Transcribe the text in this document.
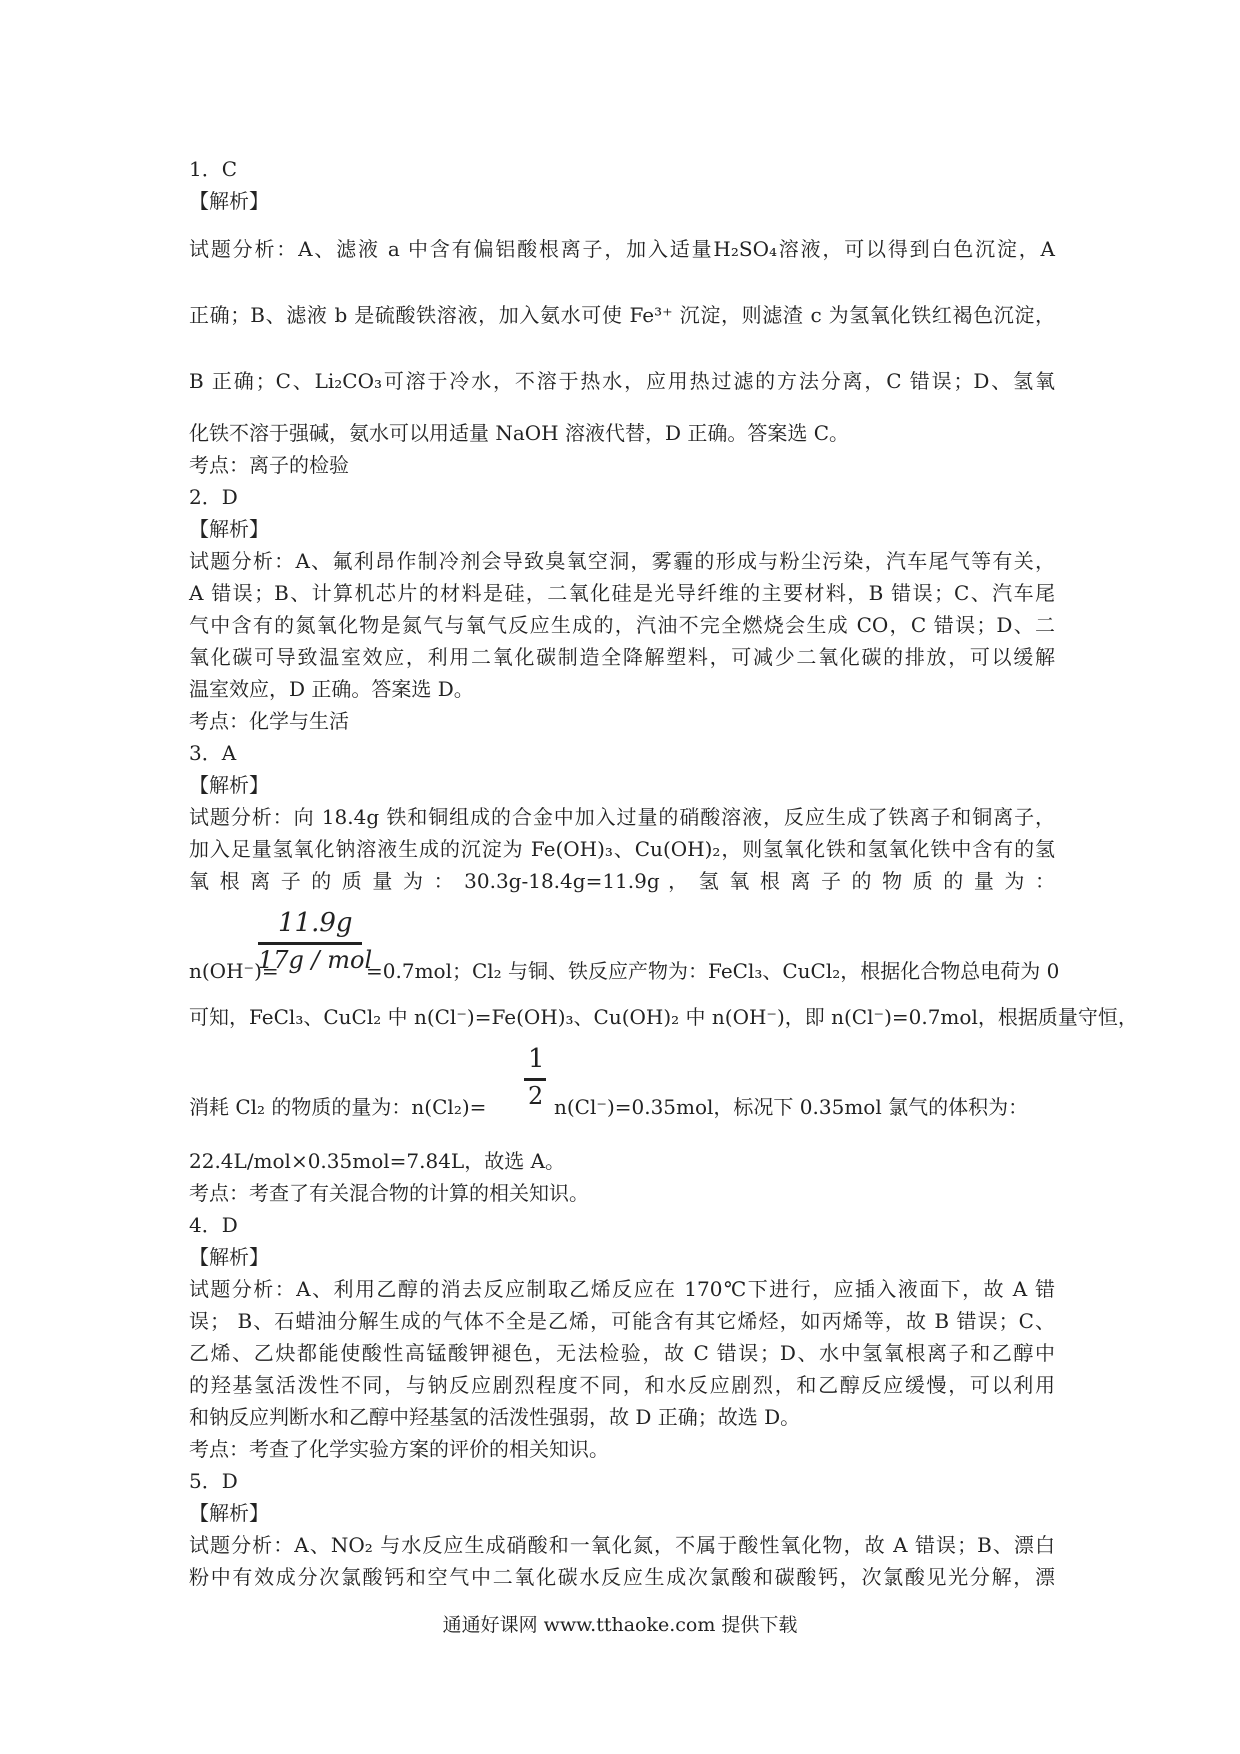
1．C
【解析】
试题分析：A、滤液 a 中含有偏铝酸根离子，加入适量H₂SO₄溶液，可以得到白色沉淀，A
正确；B、滤液 b 是硫酸铁溶液，加入氨水可使 Fe³⁺ 沉淀，则滤渣 c 为氢氧化铁红褐色沉淀，
B 正确；C、Li₂CO₃可溶于冷水，不溶于热水，应用热过滤的方法分离，C 错误；D、氢氧
化铁不溶于强碱，氨水可以用适量 NaOH 溶液代替，D 正确。答案选 C。
考点：离子的检验
2．D
【解析】
试题分析：A、氟利昂作制冷剂会导致臭氧空洞，雾霾的形成与粉尘污染，汽车尾气等有关，
A 错误；B、计算机芯片的材料是硅，二氧化硅是光导纤维的主要材料，B 错误；C、汽车尾
气中含有的氮氧化物是氮气与氧气反应生成的，汽油不完全燃烧会生成 CO，C 错误；D、二
氧化碳可导致温室效应，利用二氧化碳制造全降解塑料，可减少二氧化碳的排放，可以缓解
温室效应，D 正确。答案选 D。
考点：化学与生活
3．A
【解析】
试题分析：向 18.4g 铁和铜组成的合金中加入过量的硝酸溶液，反应生成了铁离子和铜离子，
加入足量氢氧化钠溶液生成的沉淀为 Fe(OH)₃、Cu(OH)₂，则氢氧化铁和氢氧化铁中含有的氢
氧 根 离 子 的 质 量 为 ： 30.3g-18.4g=11.9g ， 氢 氧 根 离 子 的 物 质 的 量 为 ：
11.9g
17g / mol
n(OH⁻)=	=0.7mol；Cl₂ 与铜、铁反应产物为：FeCl₃、CuCl₂，根据化合物总电荷为 0
可知，FeCl₃、CuCl₂ 中 n(Cl⁻)=Fe(OH)₃、Cu(OH)₂ 中 n(OH⁻)，即 n(Cl⁻)=0.7mol，根据质量守恒，
1
2
消耗 Cl₂ 的物质的量为：n(Cl₂)=	n(Cl⁻)=0.35mol，标况下 0.35mol 氯气的体积为：
22.4L/mol×0.35mol=7.84L，故选 A。
考点：考查了有关混合物的计算的相关知识。
4．D
【解析】
试题分析：A、利用乙醇的消去反应制取乙烯反应在 170℃下进行，应插入液面下，故 A 错
误； B、石蜡油分解生成的气体不全是乙烯，可能含有其它烯烃，如丙烯等，故 B 错误；C、
乙烯、乙炔都能使酸性高锰酸钾褪色，无法检验，故 C 错误；D、水中氢氧根离子和乙醇中
的羟基氢活泼性不同，与钠反应剧烈程度不同，和水反应剧烈，和乙醇反应缓慢，可以利用
和钠反应判断水和乙醇中羟基氢的活泼性强弱，故 D 正确；故选 D。
考点：考查了化学实验方案的评价的相关知识。
5．D
【解析】
试题分析：A、NO₂ 与水反应生成硝酸和一氧化氮，不属于酸性氧化物，故 A 错误；B、漂白
粉中有效成分次氯酸钙和空气中二氧化碳水反应生成次氯酸和碳酸钙，次氯酸见光分解，漂
通通好课网 www.tthaoke.com 提供下载
